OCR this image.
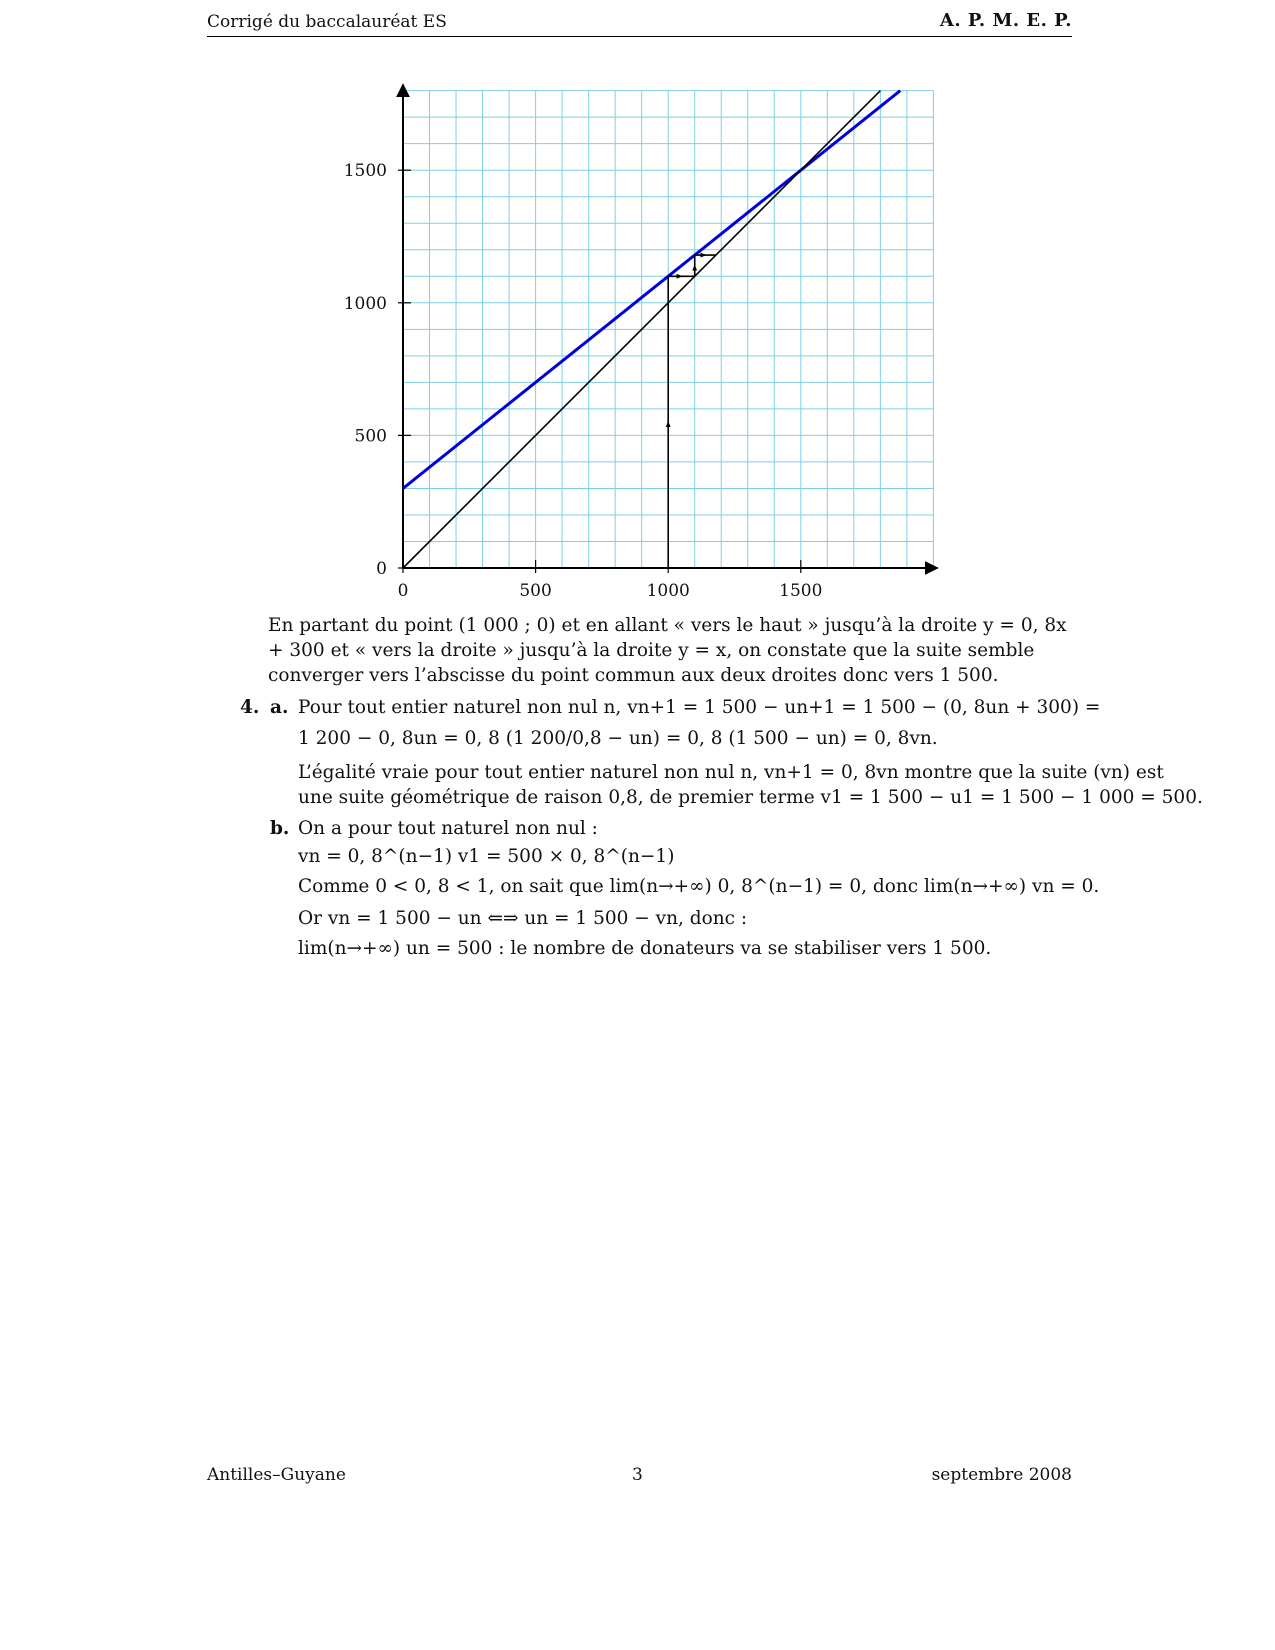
Corrigé du baccalauréat ES	A. P. M. E. P.
0	500	1000	1500
0
500
1000
1500
En partant du point (1 000 ; 0) et en allant « vers le haut » jusqu’à la droite y = 0, 8x + 300 et « vers la droite » jusqu’à la droite y = x, on constate que la suite semble converger vers l’abscisse du point commun aux deux droites donc vers 1 500.
4. a. Pour tout entier naturel non nul n, vn+1 = 1 500 − un+1 = 1 500 − (0, 8un + 300) =
1 200 − 0, 8un = 0, 8 (1 200/0,8 − un) = 0, 8 (1 500 − un) = 0, 8vn.
L’égalité vraie pour tout entier naturel non nul n, vn+1 = 0, 8vn montre que la suite (vn) est
une suite géométrique de raison 0,8, de premier terme v1 = 1 500 − u1 = 1 500 − 1 000 = 500.
b. On a pour tout naturel non nul :
vn = 0, 8^(n−1) v1 = 500 × 0, 8^(n−1)
Comme 0 < 0, 8 < 1, on sait que lim(n→+∞) 0, 8^(n−1) = 0, donc lim(n→+∞) vn = 0.
Or vn = 1 500 − un ⇐⇒ un = 1 500 − vn, donc :
lim(n→+∞) un = 500 : le nombre de donateurs va se stabiliser vers 1 500.
Antilles–Guyane	3	septembre 2008
